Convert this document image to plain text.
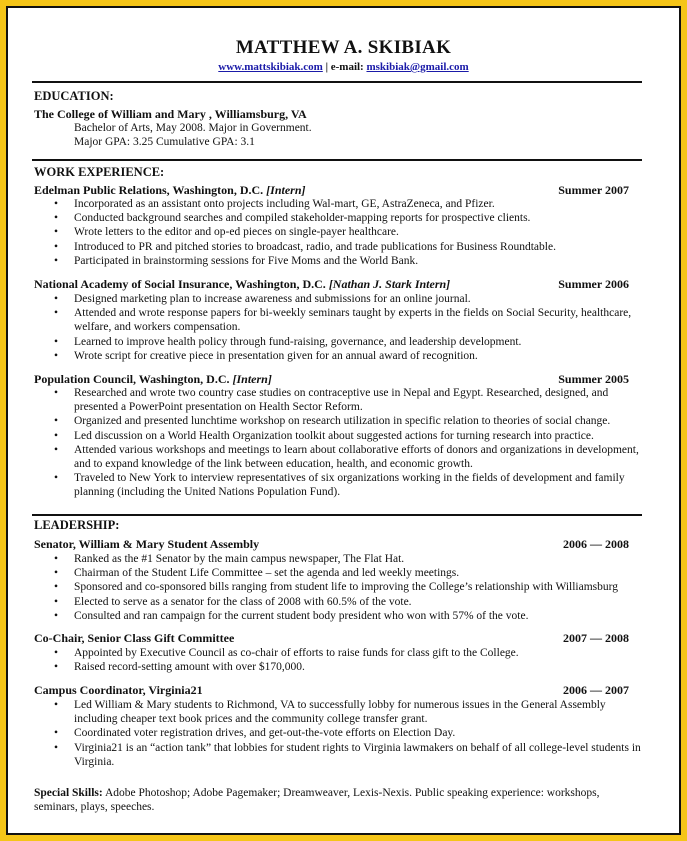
MATTHEW A. SKIBIAK
www.mattskibiak.com | e-mail: mskibiak@gmail.com
EDUCATION:
The College of William and Mary , Williamsburg, VA
Bachelor of Arts, May 2008. Major in Government.
Major GPA: 3.25 Cumulative GPA: 3.1
WORK EXPERIENCE:
Edelman Public Relations, Washington, D.C. [Intern]	Summer 2007
• Incorporated as an assistant onto projects including Wal-mart, GE, AstraZeneca, and Pfizer.
• Conducted background searches and compiled stakeholder-mapping reports for prospective clients.
• Wrote letters to the editor and op-ed pieces on single-payer healthcare.
• Introduced to PR and pitched stories to broadcast, radio, and trade publications for Business Roundtable.
• Participated in brainstorming sessions for Five Moms and the World Bank.
National Academy of Social Insurance, Washington, D.C. [Nathan J. Stark Intern]	Summer 2006
• Designed marketing plan to increase awareness and submissions for an online journal.
• Attended and wrote response papers for bi-weekly seminars taught by experts in the fields on Social Security, healthcare, welfare, and workers compensation.
• Learned to improve health policy through fund-raising, governance, and leadership development.
• Wrote script for creative piece in presentation given for an annual award of recognition.
Population Council, Washington, D.C. [Intern]	Summer 2005
• Researched and wrote two country case studies on contraceptive use in Nepal and Egypt. Researched, designed, and presented a PowerPoint presentation on Health Sector Reform.
• Organized and presented lunchtime workshop on research utilization in specific relation to theories of social change.
• Led discussion on a World Health Organization toolkit about suggested actions for turning research into practice.
• Attended various workshops and meetings to learn about collaborative efforts of donors and organizations in development, and to expand knowledge of the link between education, health, and economic growth.
• Traveled to New York to interview representatives of six organizations working in the fields of development and family planning (including the United Nations Population Fund).
LEADERSHIP:
Senator, William & Mary Student Assembly	2006 — 2008
• Ranked as the #1 Senator by the main campus newspaper, The Flat Hat.
• Chairman of the Student Life Committee – set the agenda and led weekly meetings.
• Sponsored and co-sponsored bills ranging from student life to improving the College’s relationship with Williamsburg
• Elected to serve as a senator for the class of 2008 with 60.5% of the vote.
• Consulted and ran campaign for the current student body president who won with 57% of the vote.
Co-Chair, Senior Class Gift Committee	2007 — 2008
• Appointed by Executive Council as co-chair of efforts to raise funds for class gift to the College.
• Raised record-setting amount with over $170,000.
Campus Coordinator, Virginia21	2006 — 2007
• Led William & Mary students to Richmond, VA to successfully lobby for numerous issues in the General Assembly including cheaper text book prices and the community college transfer grant.
• Coordinated voter registration drives, and get-out-the-vote efforts on Election Day.
• Virginia21 is an “action tank” that lobbies for student rights to Virginia lawmakers on behalf of all college-level students in Virginia.
Special Skills: Adobe Photoshop; Adobe Pagemaker; Dreamweaver, Lexis-Nexis. Public speaking experience: workshops, seminars, plays, speeches.
